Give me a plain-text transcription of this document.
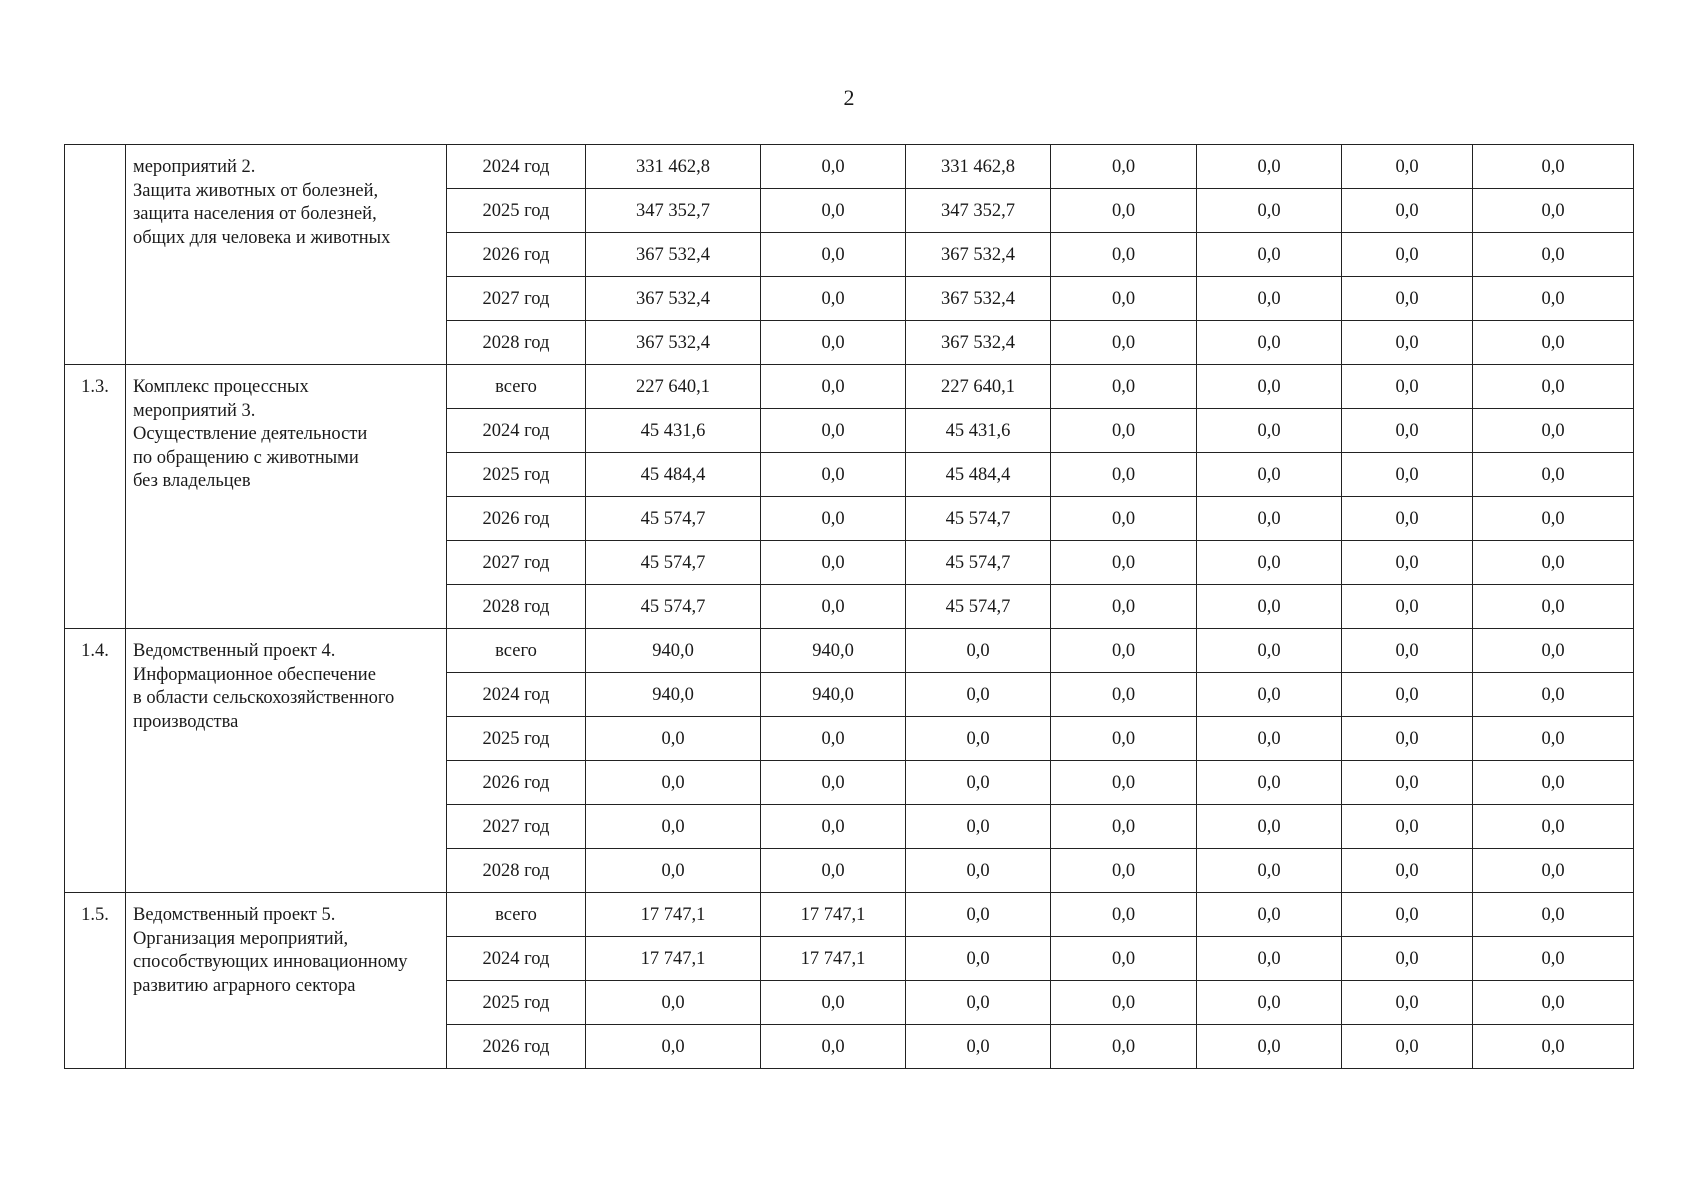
2

	мероприятий 2.
Защита животных от болезней,
защита населения от болезней,
общих для человека и животных	2024 год	331 462,8	0,0	331 462,8	0,0	0,0	0,0	0,0
		2025 год	347 352,7	0,0	347 352,7	0,0	0,0	0,0	0,0
		2026 год	367 532,4	0,0	367 532,4	0,0	0,0	0,0	0,0
		2027 год	367 532,4	0,0	367 532,4	0,0	0,0	0,0	0,0
		2028 год	367 532,4	0,0	367 532,4	0,0	0,0	0,0	0,0
1.3.	Комплекс процессных
мероприятий 3.
Осуществление деятельности
по обращению с животными
без владельцев	всего	227 640,1	0,0	227 640,1	0,0	0,0	0,0	0,0
		2024 год	45 431,6	0,0	45 431,6	0,0	0,0	0,0	0,0
		2025 год	45 484,4	0,0	45 484,4	0,0	0,0	0,0	0,0
		2026 год	45 574,7	0,0	45 574,7	0,0	0,0	0,0	0,0
		2027 год	45 574,7	0,0	45 574,7	0,0	0,0	0,0	0,0
		2028 год	45 574,7	0,0	45 574,7	0,0	0,0	0,0	0,0
1.4.	Ведомственный проект 4.
Информационное обеспечение
в области сельскохозяйственного
производства	всего	940,0	940,0	0,0	0,0	0,0	0,0	0,0
		2024 год	940,0	940,0	0,0	0,0	0,0	0,0	0,0
		2025 год	0,0	0,0	0,0	0,0	0,0	0,0	0,0
		2026 год	0,0	0,0	0,0	0,0	0,0	0,0	0,0
		2027 год	0,0	0,0	0,0	0,0	0,0	0,0	0,0
		2028 год	0,0	0,0	0,0	0,0	0,0	0,0	0,0
1.5.	Ведомственный проект 5.
Организация мероприятий,
способствующих инновационному
развитию аграрного сектора	всего	17 747,1	17 747,1	0,0	0,0	0,0	0,0	0,0
		2024 год	17 747,1	17 747,1	0,0	0,0	0,0	0,0	0,0
		2025 год	0,0	0,0	0,0	0,0	0,0	0,0	0,0
		2026 год	0,0	0,0	0,0	0,0	0,0	0,0	0,0
